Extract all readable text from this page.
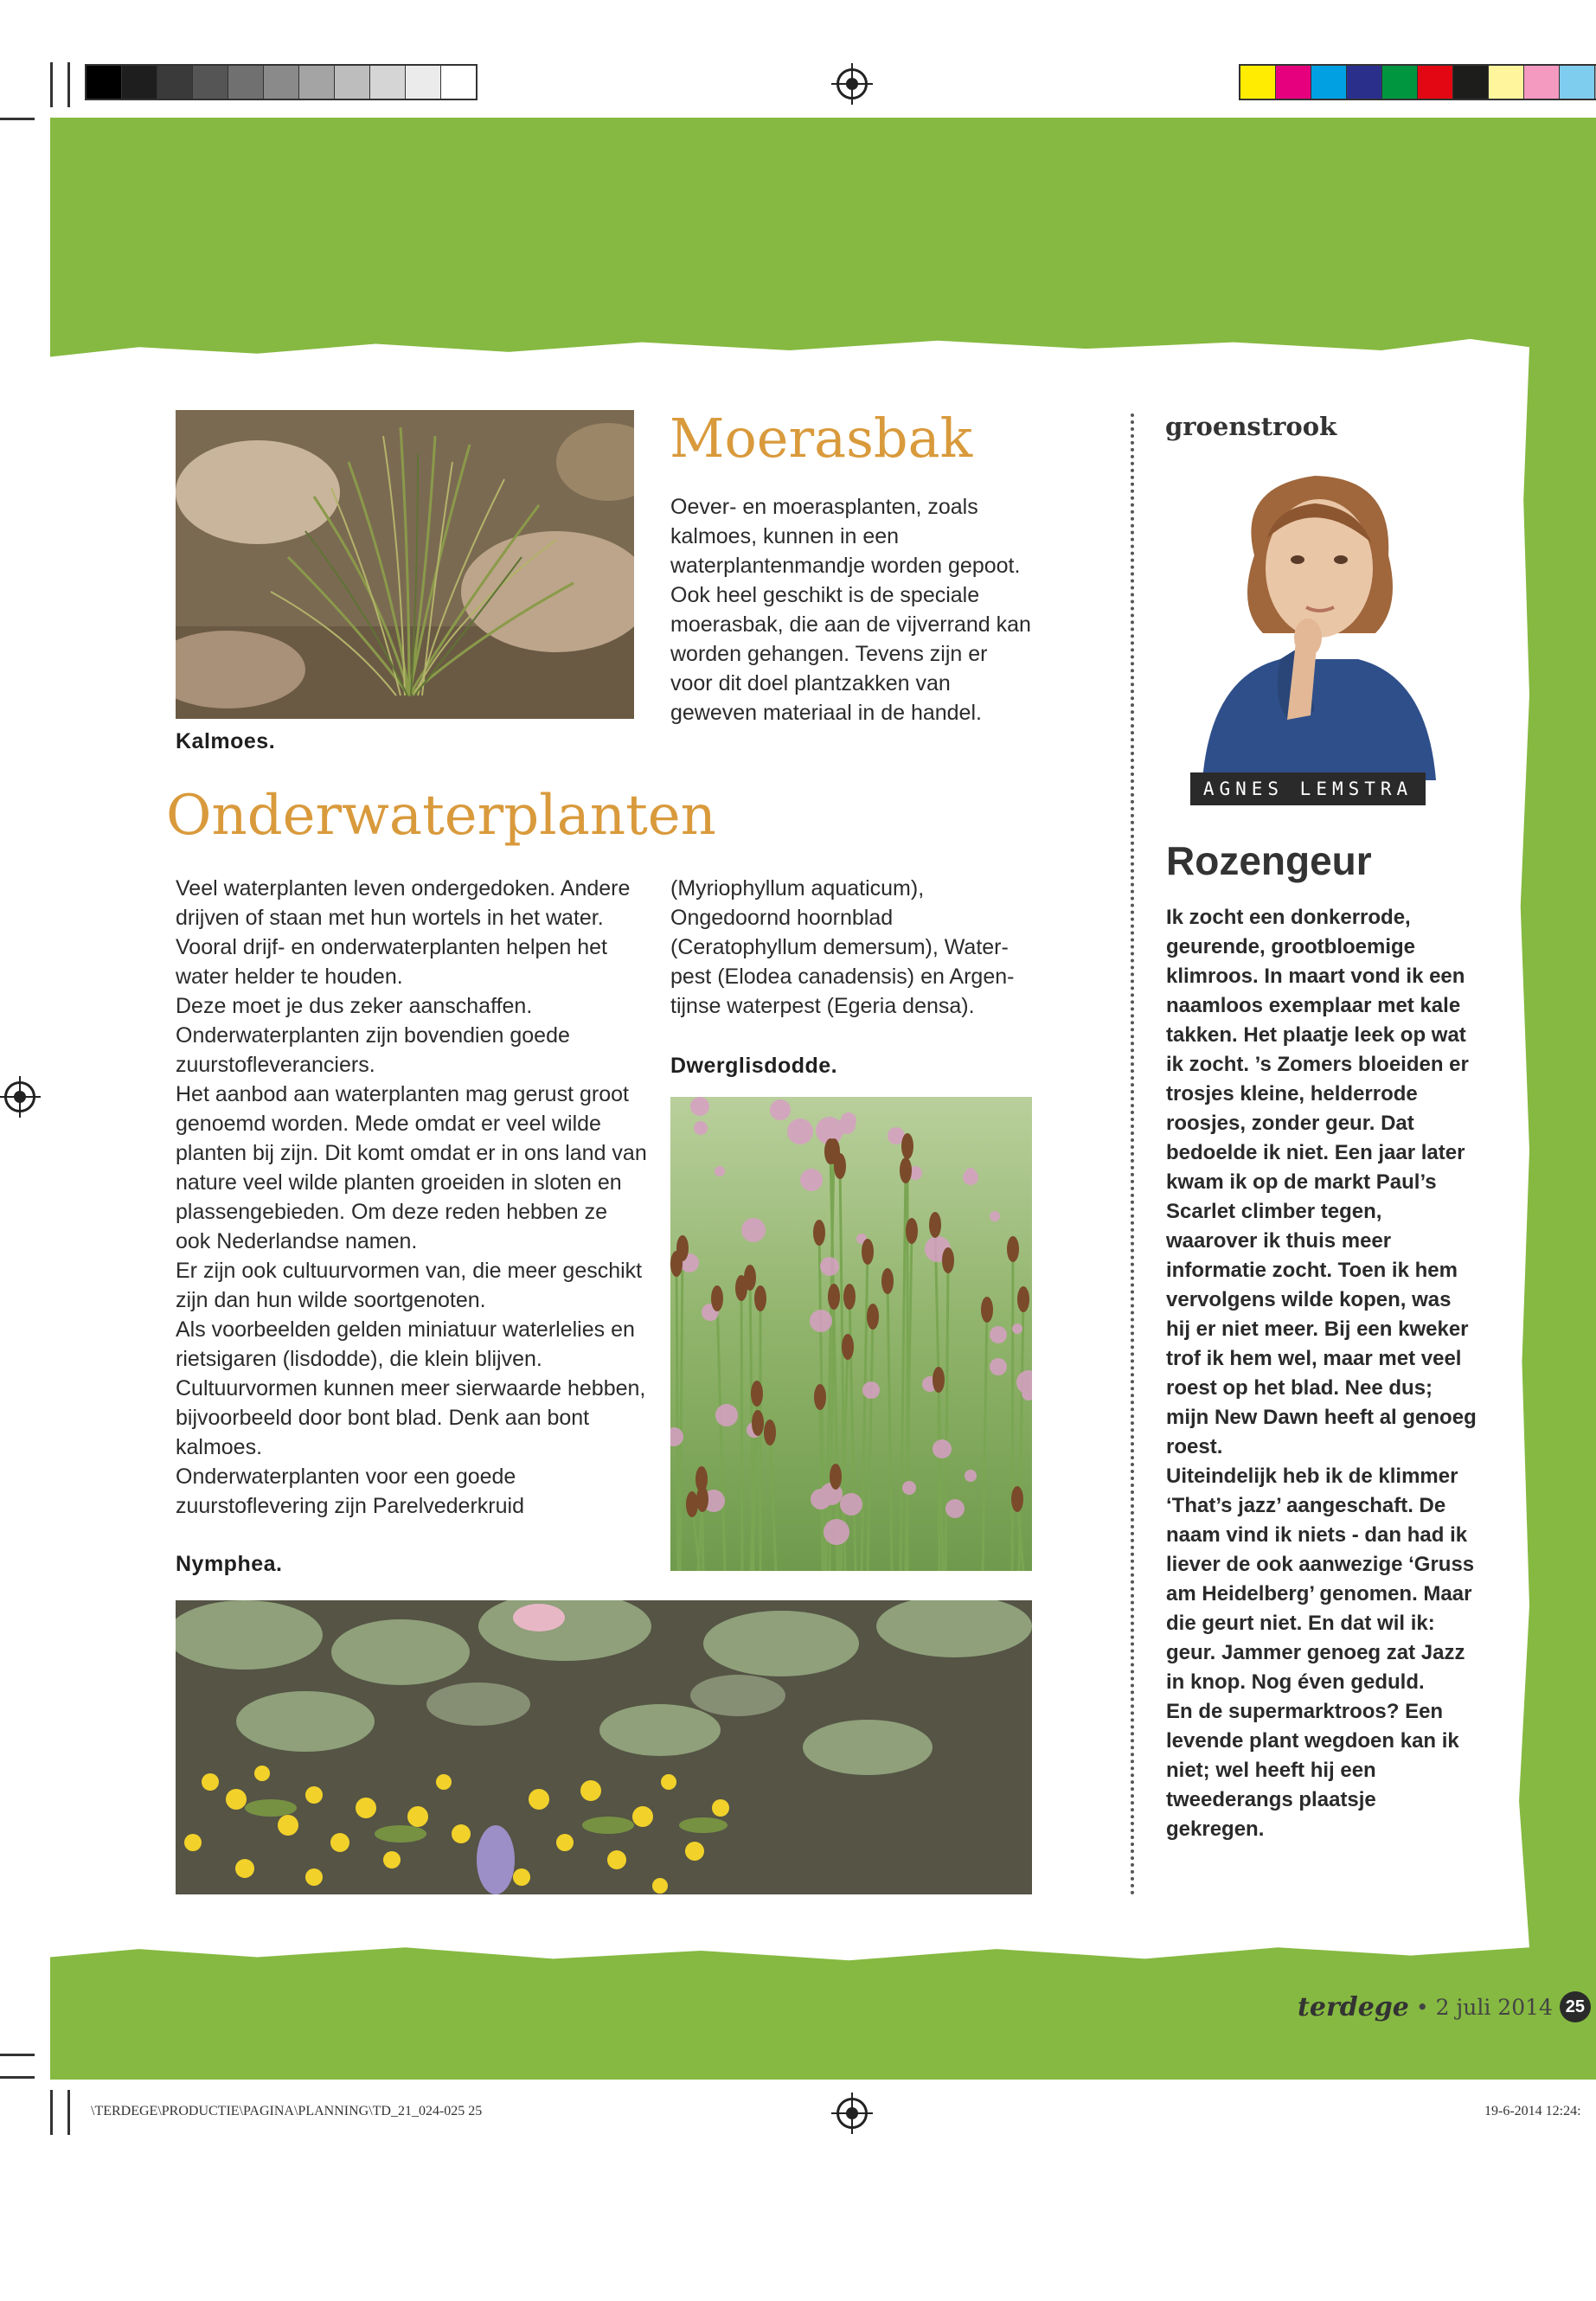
Kalmoes.
Moerasbak

Oever- en moerasplanten, zoals kalmoes, kunnen in een waterplantenmandje worden gepoot. Ook heel geschikt is de speciale moerasbak, die aan de vijverrand kan worden gehangen. Tevens zijn er voor dit doel plantzakken van geweven materiaal in de handel.

Onderwaterplanten

Veel waterplanten leven ondergedoken. Andere drijven of staan met hun wortels in het water. Vooral drijf- en onderwaterplanten helpen het water helder te houden.

Deze moet je dus zeker aanschaffen. Onderwaterplanten zijn bovendien goede zuurstofleveranciers.

Het aanbod aan waterplanten mag gerust groot genoemd worden. Mede omdat er veel wilde planten bij zijn. Dit komt omdat er in ons land van nature veel wilde planten groeiden in sloten en plassengebieden. Om deze reden hebben ze ook Nederlandse namen.

Er zijn ook cultuurvormen van, die meer geschikt zijn dan hun wilde soortgenoten.

Als voorbeelden gelden miniatuur waterlelies en rietsigaren (lisdodde), die klein blijven.

Cultuurvormen kunnen meer sierwaarde hebben, bijvoorbeeld door bont blad. Denk aan bont kalmoes.

Onderwaterplanten voor een goede zuurstoflevering zijn Parelvederkruid

(Myriophyllum aquaticum), Ongedoornd hoornblad (Ceratophyllum demersum), Water-pest (Elodea canadensis) en Argen-tijnse waterpest (Egeria densa).

Dwerglisdodde.
Nymphea.
groenstrook
AGNES LEMSTRA
Rozengeur

Ik zocht een donkerrode, geurende, grootbloemige klimroos. In maart vond ik een naamloos exemplaar met kale takken. Het plaatje leek op wat ik zocht. ’s Zomers bloeiden er trosjes kleine, helderrode roosjes, zonder geur. Dat bedoelde ik niet. Een jaar later kwam ik op de markt Paul’s Scarlet climber tegen, waarover ik thuis meer informatie zocht. Toen ik hem vervolgens wilde kopen, was hij er niet meer. Bij een kweker trof ik hem wel, maar met veel roest op het blad. Nee dus; mijn New Dawn heeft al genoeg roest.

Uiteindelijk heb ik de klimmer ‘That’s jazz’ aangeschaft. De naam vind ik niets - dan had ik liever de ook aanwezige ‘Gruss am Heidelberg’ genomen. Maar die geurt niet. En dat wil ik: geur. Jammer genoeg zat Jazz in knop. Nog éven geduld.

En de supermarktroos? Een levende plant wegdoen kan ik niet; wel heeft hij een tweederangs plaatsje gekregen.

terdege • 2 juli 2014 25
\TERDEGE\PRODUCTIE\PAGINA\PLANNING\TD_21_024-025 25	19-6-2014 12:24:
